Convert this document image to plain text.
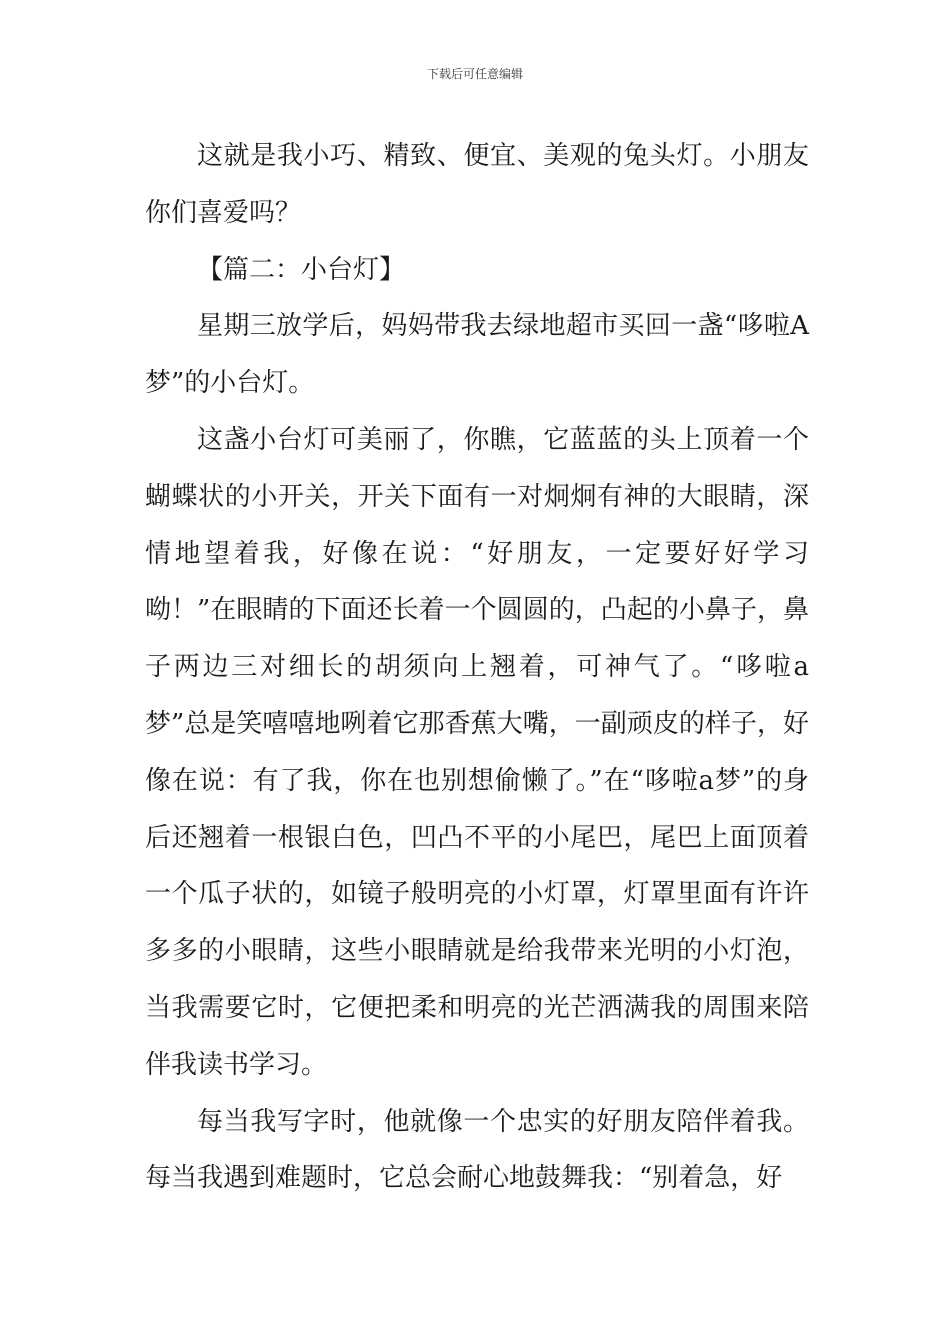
下载后可任意编辑

这就是我小巧、精致、便宜、美观的兔头灯。小朋友你们喜爱吗？

【篇二：小台灯】

星期三放学后，妈妈带我去绿地超市买回一盏“哆啦A梦”的小台灯。

这盏小台灯可美丽了，你瞧，它蓝蓝的头上顶着一个蝴蝶状的小开关，开关下面有一对炯炯有神的大眼睛，深情地望着我，好像在说：“好朋友，一定要好好学习呦！”在眼睛的下面还长着一个圆圆的，凸起的小鼻子，鼻子两边三对细长的胡须向上翘着，可神气了。“哆啦a梦”总是笑嘻嘻地咧着它那香蕉大嘴，一副顽皮的样子，好像在说：有了我，你在也别想偷懒了。”在“哆啦a梦”的身后还翘着一根银白色，凹凸不平的小尾巴，尾巴上面顶着一个瓜子状的，如镜子般明亮的小灯罩，灯罩里面有许许多多的小眼睛，这些小眼睛就是给我带来光明的小灯泡，当我需要它时，它便把柔和明亮的光芒洒满我的周围来陪伴我读书学习。

每当我写字时，他就像一个忠实的好朋友陪伴着我。每当我遇到难题时，它总会耐心地鼓舞我：“别着急，好
